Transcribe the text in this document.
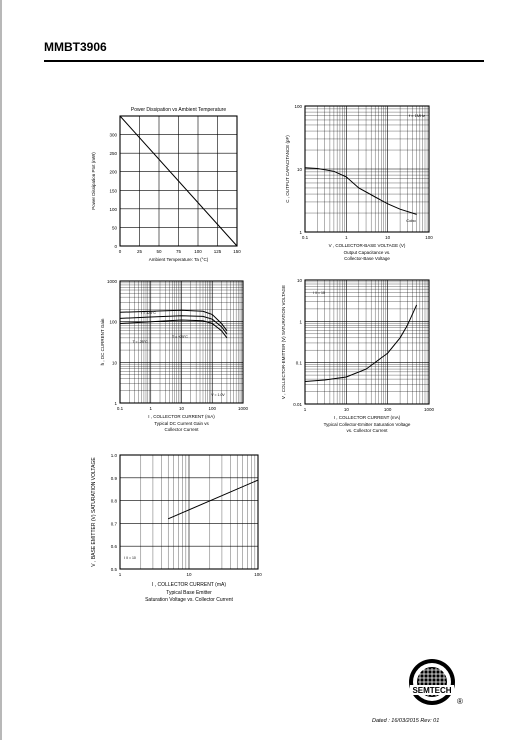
MMBT3906
0	25	50	75	100	125	150
0
50
100
150
200
250
300
Power Dissipation vs Ambient Temperature
Ambient Temperature: Ta (°C)
Power Dissipation Ptot (mW)
0.1	1	10	100
1
10
100
f = 1MHz
Cobo
V , COLLECTOR-BASE VOLTAGE (V)
Output Capacitance vs.
Collector-Base Voltage
C , OUTPUT CAPACITANCE (pF)
0.1	1	10	100	1000
1
10
100
1000
T = 125°C
T = +25°C
T = -25°C
V = 1.0V
I , COLLECTOR CURRENT (mA)
Typical DC Current Gain vs
Collector Current
h , DC CURRENT Gain
1	10	100	1000
0.01
0.1
1
10
I /I = 10
I , COLLECTOR CURRENT (mA)
Typical Collector-Emitter Saturation Voltage
vs. Collector Current
V , COLLECTOR-EMITTER (V) SATURATION VOLTAGE
1	10	100
0.5
0.6
0.7
0.8
0.9
1.0
I /I = 10
I , COLLECTOR CURRENT (mA)
Typical Base Emitter
Saturation Voltage vs. Collector Current
V , BASE EMITTER (V) SATURATION VOLTAGE
SEMTECH
®
Dated : 16/03/2015 Rev: 01
